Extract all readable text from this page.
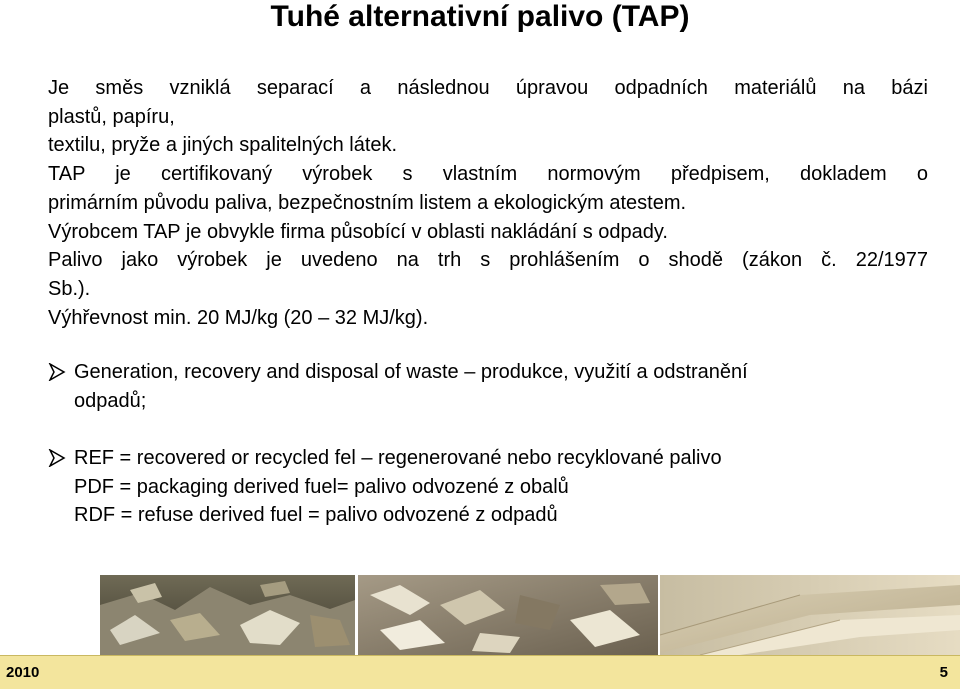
Tuhé alternativní palivo (TAP)
Je směs vzniklá separací a následnou úpravou odpadních materiálů na bázi
plastů, papíru,
textilu, pryže a jiných spalitelných látek.
TAP je certifikovaný výrobek s vlastním normovým předpisem, dokladem o
primárním původu paliva, bezpečnostním listem a ekologickým atestem.
Výrobcem TAP je obvykle firma působící v oblasti nakládání s odpady.
Palivo jako výrobek je uvedeno na trh s prohlášením o shodě (zákon č. 22/1977
Sb.).
Výhřevnost min. 20 MJ/kg (20 – 32 MJ/kg).
Generation, recovery and disposal of waste – produkce, využití a odstranění
odpadů;
REF = recovered or recycled fel – regenerované nebo recyklované palivo
PDF = packaging derived fuel= palivo odvozené z obalů
RDF = refuse derived fuel = palivo odvozené z odpadů
2010	5
